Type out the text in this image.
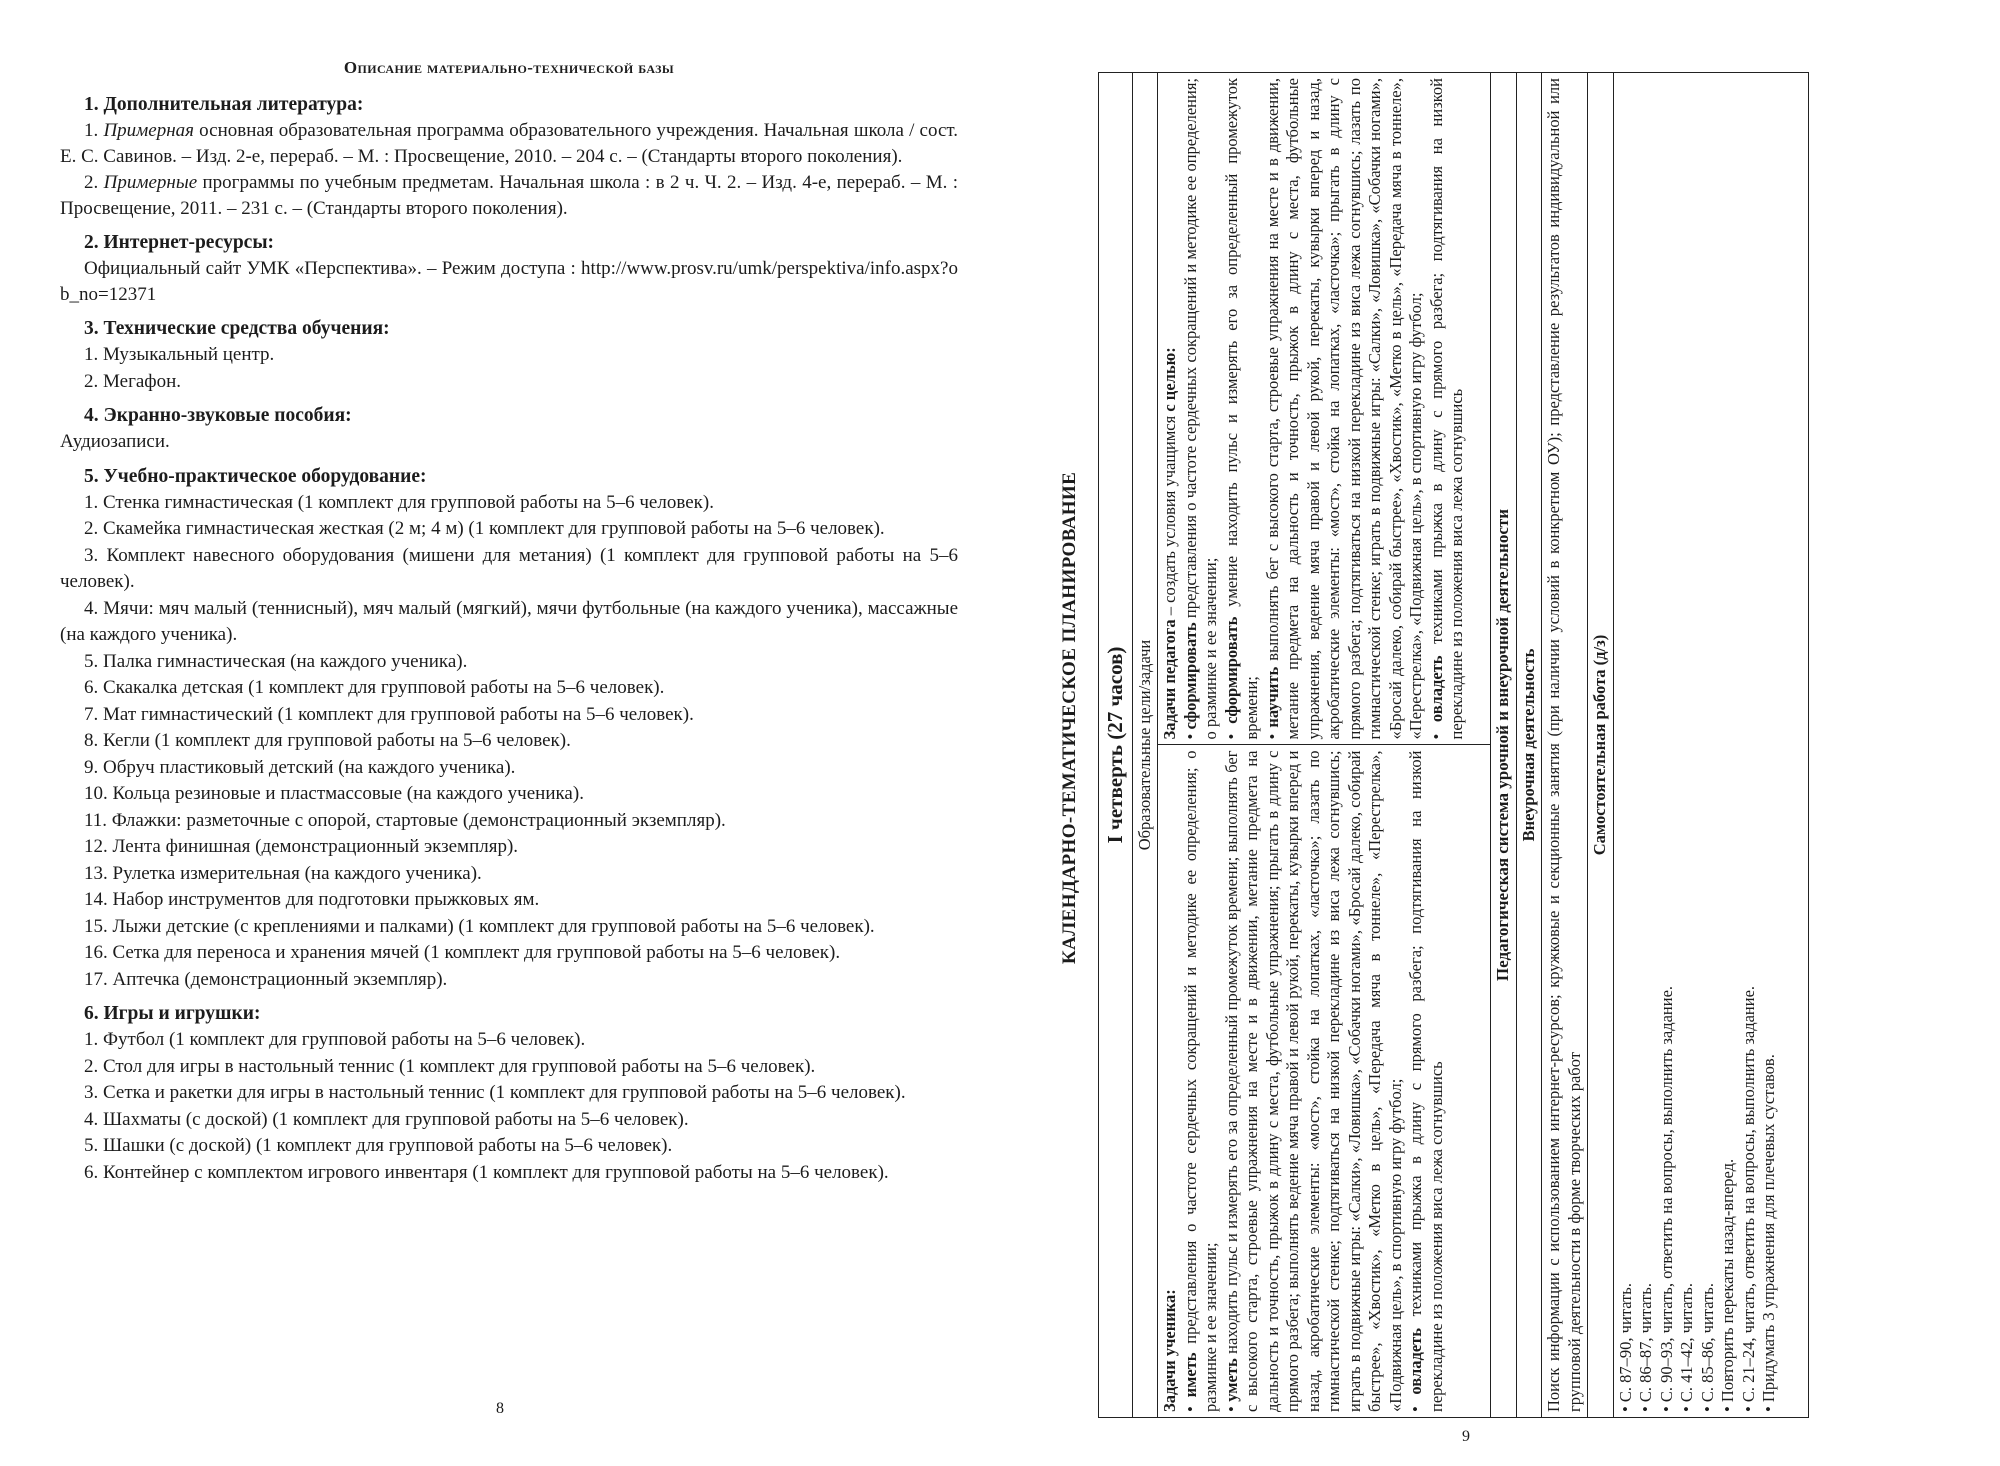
Описание материально-технической базы
1. Дополнительная литература:
1. Примерная основная образовательная программа образовательного учреждения. Начальная школа / сост. Е. С. Савинов. – Изд. 2-е, перераб. – М. : Просвещение, 2010. – 204 с. – (Стандарты второго поколения).
2. Примерные программы по учебным предметам. Начальная школа : в 2 ч. Ч. 2. – Изд. 4-е, перераб. – М. : Просвещение, 2011. – 231 с. – (Стандарты второго поколения).
2. Интернет-ресурсы:
Официальный сайт УМК «Перспектива». – Режим доступа : http://www.prosv.ru/umk/perspektiva/info.aspx?ob_no=12371
3. Технические средства обучения:
1. Музыкальный центр.
2. Мегафон.
4. Экранно-звуковые пособия:
Аудиозаписи.
5. Учебно-практическое оборудование:
1. Стенка гимнастическая (1 комплект для групповой работы на 5–6 человек).
2. Скамейка гимнастическая жесткая (2 м; 4 м) (1 комплект для групповой работы на 5–6 человек).
3. Комплект навесного оборудования (мишени для метания) (1 комплект для групповой работы на 5–6 человек).
4. Мячи: мяч малый (теннисный), мяч малый (мягкий), мячи футбольные (на каждого ученика), массажные (на каждого ученика).
5. Палка гимнастическая (на каждого ученика).
6. Скакалка детская (1 комплект для групповой работы на 5–6 человек).
7. Мат гимнастический (1 комплект для групповой работы на 5–6 человек).
8. Кегли (1 комплект для групповой работы на 5–6 человек).
9. Обруч пластиковый детский (на каждого ученика).
10. Кольца резиновые и пластмассовые (на каждого ученика).
11. Флажки: разметочные с опорой, стартовые (демонстрационный экземпляр).
12. Лента финишная (демонстрационный экземпляр).
13. Рулетка измерительная (на каждого ученика).
14. Набор инструментов для подготовки прыжковых ям.
15. Лыжи детские (с креплениями и палками) (1 комплект для групповой работы на 5–6 человек).
16. Сетка для переноса и хранения мячей (1 комплект для групповой работы на 5–6 человек).
17. Аптечка (демонстрационный экземпляр).
6. Игры и игрушки:
1. Футбол (1 комплект для групповой работы на 5–6 человек).
2. Стол для игры в настольный теннис (1 комплект для групповой работы на 5–6 человек).
3. Сетка и ракетки для игры в настольный теннис (1 комплект для групповой работы на 5–6 человек).
4. Шахматы (с доской) (1 комплект для групповой работы на 5–6 человек).
5. Шашки (с доской) (1 комплект для групповой работы на 5–6 человек).
6. Контейнер с комплектом игрового инвентаря (1 комплект для групповой работы на 5–6 человек).
8
КАЛЕНДАРНО-ТЕМАТИЧЕСКОЕ ПЛАНИРОВАНИЕ I четверть (27 часов)
Образовательные цели/задачи
Задачи ученика: • иметь представления о частоте сердечных сокращений и методике ее определения; о разминке и ее значении; • уметь находить пульс и измерять его за определенный промежуток времени; выполнять бег с высокого старта, строевые упражнения на месте и в движении, метание предмета на дальность и точность, прыжок в длину с места, футбольные упражнения; прыгать в длину с прямого разбега; выполнять ведение мяча правой и левой рукой, перекаты, кувырки вперед и назад, акробатические элементы: «мост», стойка на лопатках, «ласточка»; лазать по гимнастической стенке; подтягиваться на низкой перекладине из виса лежа согнувшись; играть в подвижные игры: «Салки», «Ловишка», «Собачки ногами», «Бросай далеко, собирай быстрее», «Хвостик», «Метко в цель», «Передача мяча в тоннеле», «Перестрелка», «Подвижная цель», в спортивную игру футбол; • овладеть техниками прыжка в длину с прямого разбега; подтягивания на низкой перекладине из положения виса лежа согнувшись
	Задачи педагога – создать условия учащимся с целью:
• сформировать представления о частоте сердечных сокращений и методике ее определения; о разминке и ее значении; • сформировать умение находить пульс и измерять его за определенный промежуток времени; • научить выполнять бег с высокого старта, строевые упражнения на месте и в движении, метание предмета на дальность и точность, прыжок в длину с места, футбольные упражнения, ведение мяча правой и левой рукой, перекаты, кувырки вперед и назад, акробатические элементы: «мост», стойка на лопатках, «ласточка»; прыгать в длину с прямого разбега; подтягиваться на низкой перекладине из виса лежа согнувшись; лазать по гимнастической стенке; играть в подвижные игры: «Салки», «Ловишка», «Собачки ногами», «Бросай далеко, собирай быстрее», «Хвостик», «Метко в цель», «Передача мяча в тоннеле», «Перестрелка», «Подвижная цель», в спортивную игру футбол; • овладеть техниками прыжка в длину с прямого разбега; подтягивания на низкой перекладине из положения виса лежа согнувшись

Педагогическая система урочной и внеурочной деятельности
Внеурочная деятельность
Поиск информации с использованием интернет-ресурсов; кружковые и секционные занятия (при наличии условий в конкретном ОУ); представление результатов индивидуальной или групповой деятельности в форме творческих работ
Самостоятельная работа (д/з)

• С. 87–90, читать.
• С. 86–87, читать.
• С. 90–93, читать, ответить на вопросы, выполнить задание.
• С. 41–42, читать.
• С. 85–86, читать.
• Повторить перекаты назад-вперед.
• С. 21–24, читать, ответить на вопросы, выполнить задание.
• Придумать 3 упражнения для плечевых суставов.
9
